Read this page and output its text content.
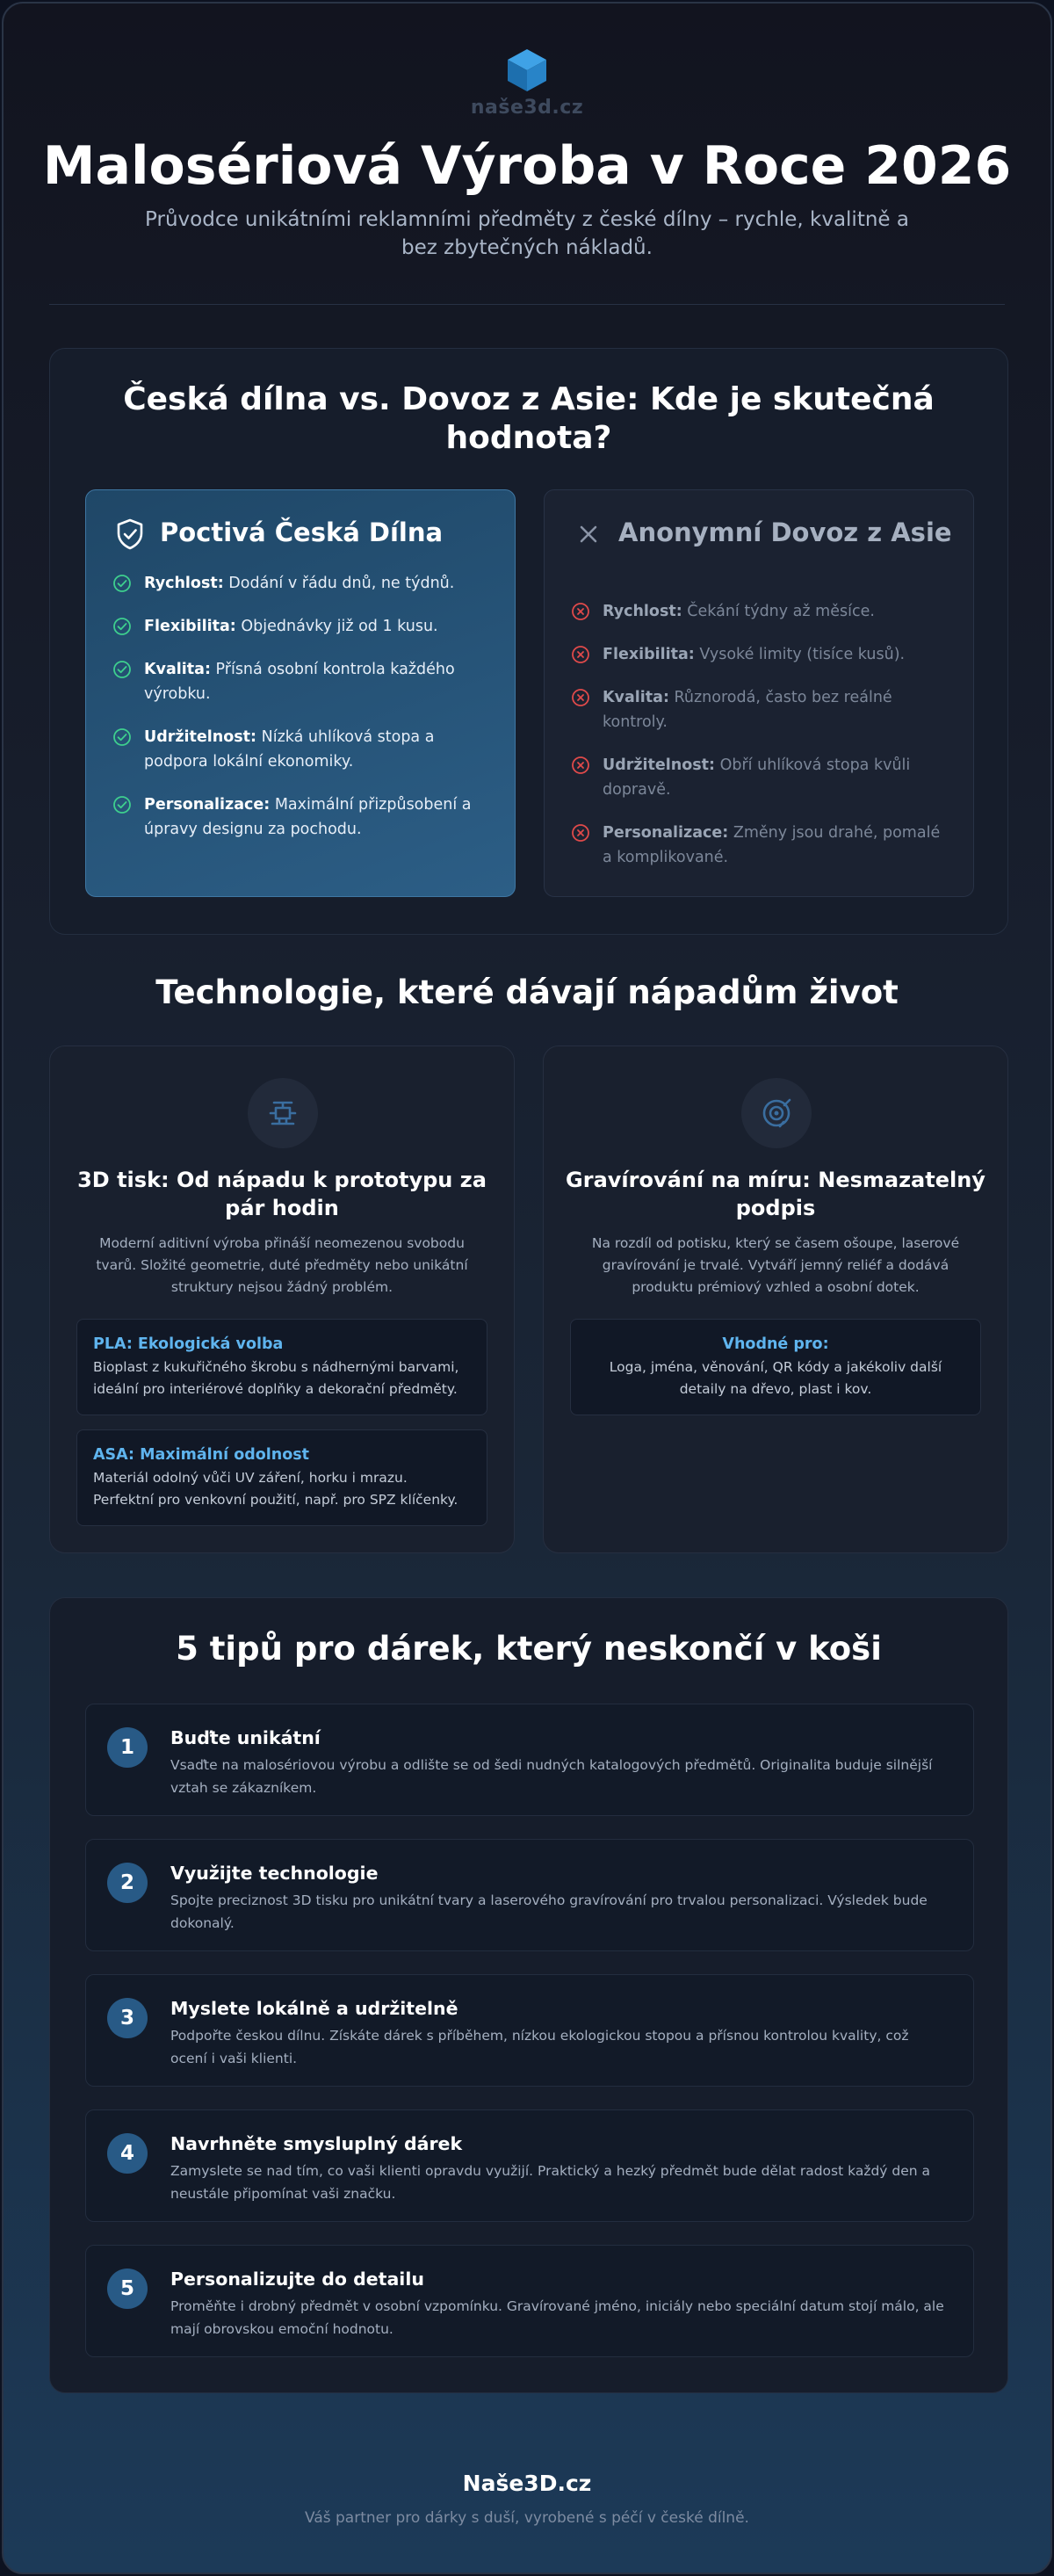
naše3d.cz
Malosériová Výroba v Roce 2026

Průvodce unikátními reklamními předměty z české dílny – rychle, kvalitně a bez zbytečných nákladů.

Česká dílna vs. Dovoz z Asie: Kde je skutečná hodnota?
Poctivá Česká Dílna
Rychlost: Dodání v řádu dnů, ne týdnů.
Flexibilita: Objednávky již od 1 kusu.
Kvalita: Přísná osobní kontrola každého výrobku.
Udržitelnost: Nízká uhlíková stopa a podpora lokální ekonomiky.
Personalizace: Maximální přizpůsobení a úpravy designu za pochodu.
Anonymní Dovoz z Asie
Rychlost: Čekání týdny až měsíce.
Flexibilita: Vysoké limity (tisíce kusů).
Kvalita: Různorodá, často bez reálné kontroly.
Udržitelnost: Obří uhlíková stopa kvůli dopravě.
Personalizace: Změny jsou drahé, pomalé a komplikované.
Technologie, které dávají nápadům život
3D tisk: Od nápadu k prototypu za pár hodin

Moderní aditivní výroba přináší neomezenou svobodu tvarů. Složité geometrie, duté předměty nebo unikátní struktury nejsou žádný problém.

PLA: Ekologická volba
Bioplast z kukuřičného škrobu s nádhernými barvami, ideální pro interiérové doplňky a dekorační předměty.
ASA: Maximální odolnost
Materiál odolný vůči UV záření, horku i mrazu. Perfektní pro venkovní použití, např. pro SPZ klíčenky.
Gravírování na míru: Nesmazatelný podpis

Na rozdíl od potisku, který se časem ošoupe, laserové gravírování je trvalé. Vytváří jemný reliéf a dodává produktu prémiový vzhled a osobní dotek.

Vhodné pro:
Loga, jména, věnování, QR kódy a jakékoliv další detaily na dřevo, plast i kov.
5 tipů pro dárek, který neskončí v koši
1	Buďte unikátní
Vsaďte na malosériovou výrobu a odlište se od šedi nudných katalogových předmětů. Originalita buduje silnější vztah se zákazníkem.
2	Využijte technologie
Spojte preciznost 3D tisku pro unikátní tvary a laserového gravírování pro trvalou personalizaci. Výsledek bude dokonalý.
3	Myslete lokálně a udržitelně
Podpořte českou dílnu. Získáte dárek s příběhem, nízkou ekologickou stopou a přísnou kontrolou kvality, což ocení i vaši klienti.
4	Navrhněte smysluplný dárek
Zamyslete se nad tím, co vaši klienti opravdu využijí. Praktický a hezký předmět bude dělat radost každý den a neustále připomínat vaši značku.
5	Personalizujte do detailu
Proměňte i drobný předmět v osobní vzpomínku. Gravírované jméno, iniciály nebo speciální datum stojí málo, ale mají obrovskou emoční hodnotu.
Naše3D.cz
Váš partner pro dárky s duší, vyrobené s péčí v české dílně.
